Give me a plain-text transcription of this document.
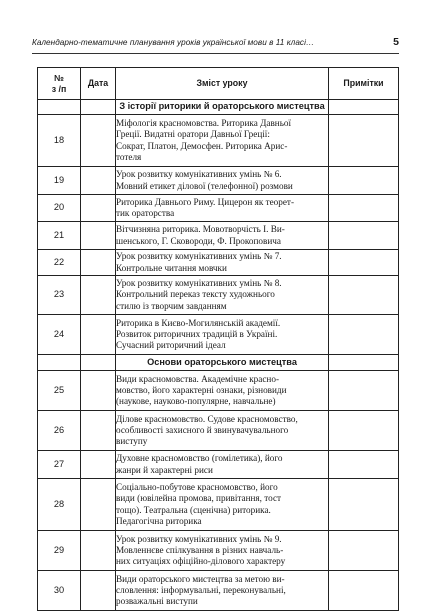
Календарно-тематичне планування уроків української мови в 11 класі…	5
№
з /п	Дата	Зміст уроку	Примітки
		З історії риторики й ораторського мистецтва	
18		Міфологія красномовства. Риторика Давньої
Греції. Видатні оратори Давньої Греції:
Сократ, Платон, Демосфен. Риторика Арис-
тотеля	

19		Урок розвитку комунікативних умінь № 6.
Мовний етикет ділової (телефонної) розмови	

20		Риторика Давнього Риму. Цицерон як теорет-
тик ораторства	

21		Вітчизняна риторика. Мовотворчість І. Ви-
шенського, Г. Сковороди, Ф. Прокоповича	

22		Урок розвитку комунікативних умінь № 7.
Контрольне читання мовчки	

23		Урок розвитку комунікативних умінь № 8.
Контрольний переказ тексту художнього
стилю із творчим завданням	

24		Риторика в Києво-Могилянській академії.
Розвиток риторичних традицій в Україні.
Сучасний риторичний ідеал	

		Основи ораторського мистецтва	
25		Види красномовства. Академічне красно-
мовство, його характерні ознаки, різновиди
(наукове, науково-популярне, навчальне)	

26		Ділове красномовство. Судове красномовство,
особливості захисного й звинувачувального
виступу	

27		Духовне красномовство (гомілетика), його
жанри й характерні риси	

28		Соціально-побутове красномовство, його
види (ювілейна промова, привітання, тост
тощо). Театральна (сценічна) риторика.
Педагогічна риторика	

29		Урок розвитку комунікативних умінь № 9.
Мовленнєве спілкування в різних навчаль-
них ситуаціях офіційно-ділового характеру	

30		Види ораторського мистецтва за метою ви-
словлення: інформувальні, переконувальні,
розважальні виступи	
